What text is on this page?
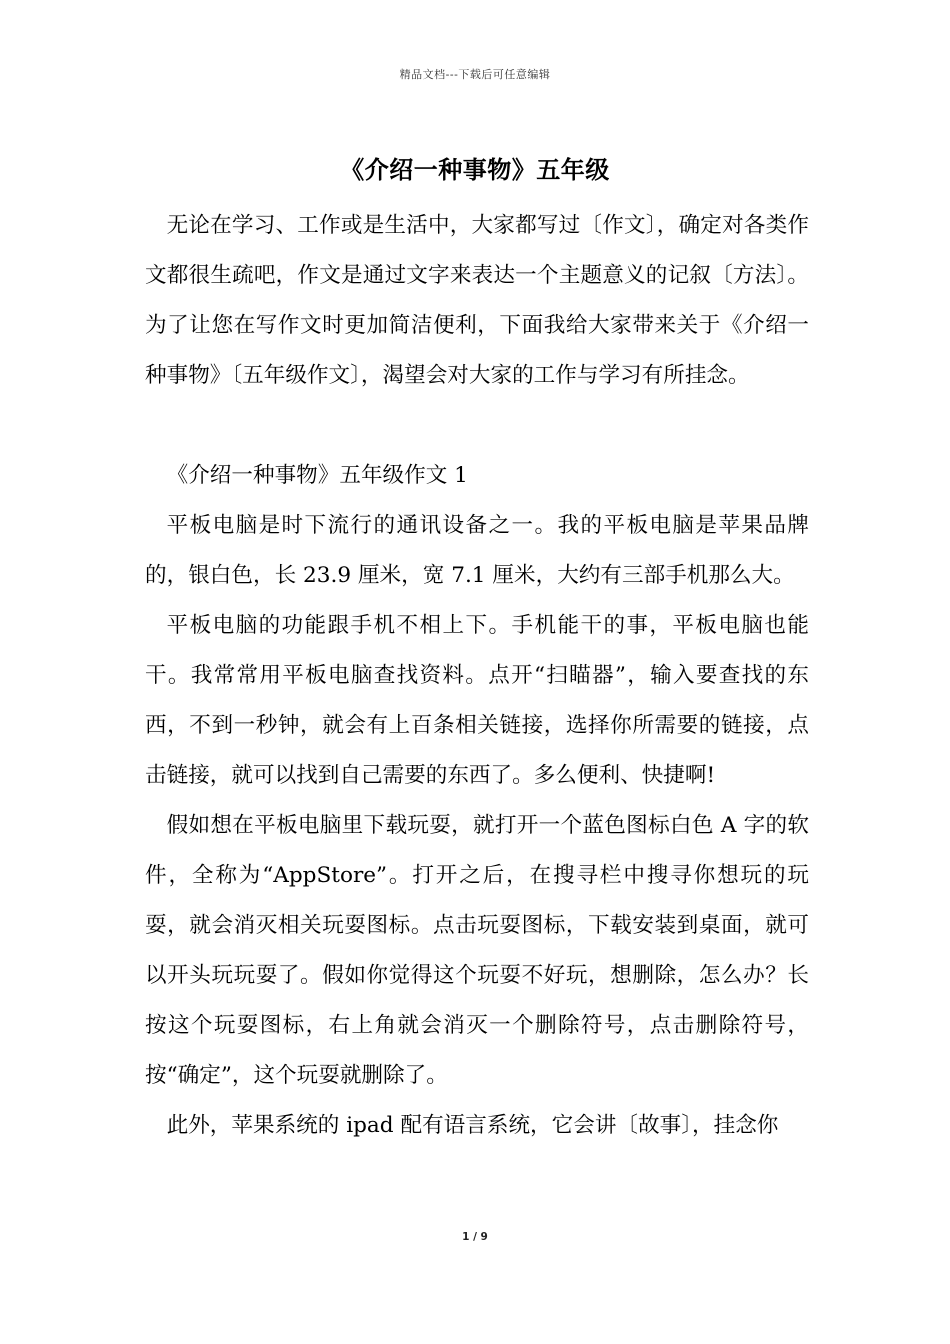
精品文档---下载后可任意编辑
《介绍一种事物》五年级

无论在学习、工作或是生活中，大家都写过〔作文〕，确定对各类作文都很生疏吧，作文是通过文字来表达一个主题意义的记叙〔方法〕。为了让您在写作文时更加简洁便利，下面我给大家带来关于《介绍一种事物》〔五年级作文〕，渴望会对大家的工作与学习有所挂念。

《介绍一种事物》五年级作文 1

平板电脑是时下流行的通讯设备之一。我的平板电脑是苹果品牌的，银白色，长 23.9 厘米，宽 7.1 厘米，大约有三部手机那么大。

平板电脑的功能跟手机不相上下。手机能干的事，平板电脑也能干。我常常用平板电脑查找资料。点开“扫瞄器”，输入要查找的东西，不到一秒钟，就会有上百条相关链接，选择你所需要的链接，点击链接，就可以找到自己需要的东西了。多么便利、快捷啊!

假如想在平板电脑里下载玩耍，就打开一个蓝色图标白色 A 字的软件，全称为“AppStore”。打开之后，在搜寻栏中搜寻你想玩的玩耍，就会消灭相关玩耍图标。点击玩耍图标，下载安装到桌面，就可以开头玩玩耍了。假如你觉得这个玩耍不好玩，想删除，怎么办？长按这个玩耍图标，右上角就会消灭一个删除符号，点击删除符号，按“确定”，这个玩耍就删除了。

此外，苹果系统的 ipad 配有语言系统，它会讲〔故事〕，挂念你

1 / 9
